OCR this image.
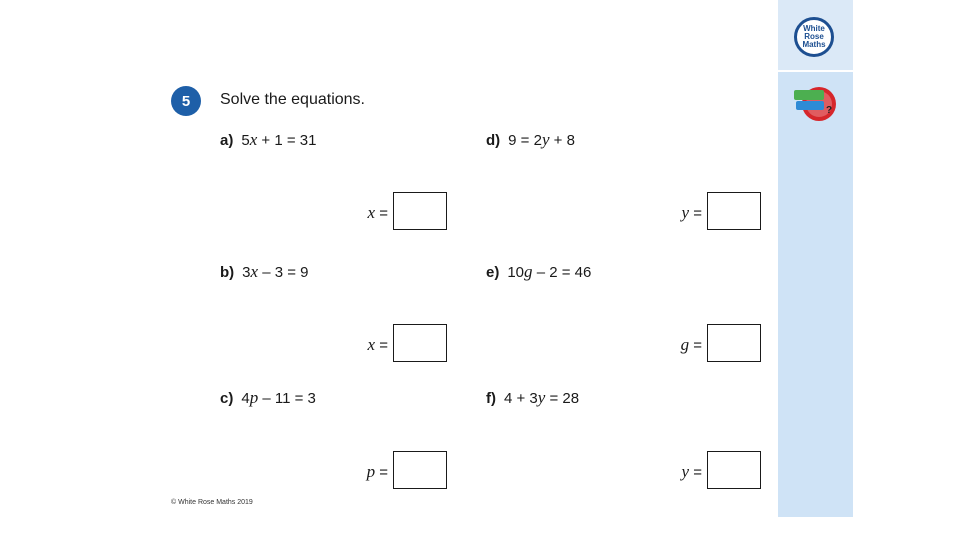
White
Rose
Maths
?
5	Solve the equations.
a) 5x + 1 = 31
b) 3x – 3 = 9
c) 4p – 11 = 3
d) 9 = 2y + 8
e) 10g – 2 = 46
f) 4 + 3y = 28
x =
x =
p =
y =
g =
y =
© White Rose Maths 2019
